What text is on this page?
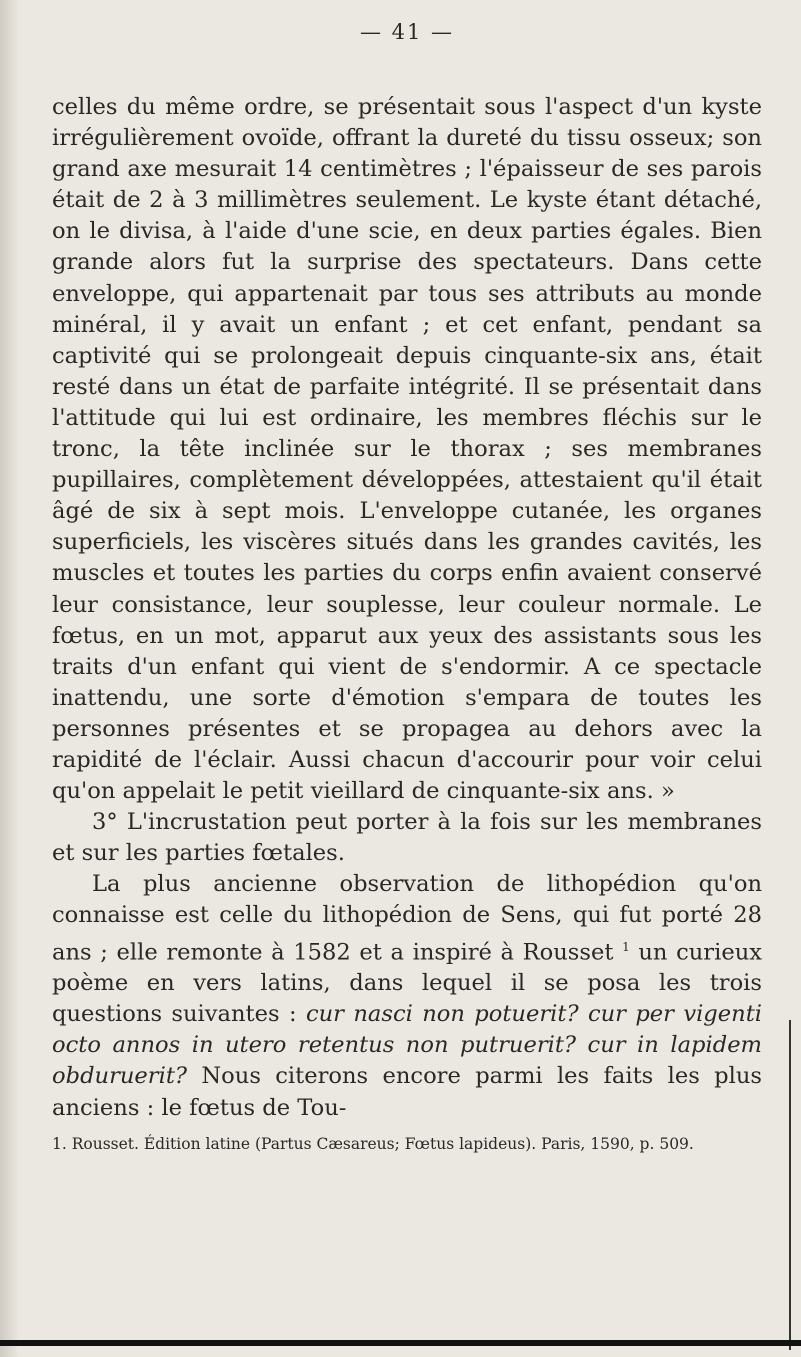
— 41 —

celles du même ordre, se présentait sous l'aspect d'un kyste irrégulièrement ovoïde, offrant la dureté du tissu osseux; son grand axe mesurait 14 centimètres ; l'épaisseur de ses parois était de 2 à 3 millimètres seulement. Le kyste étant détaché, on le divisa, à l'aide d'une scie, en deux parties égales. Bien grande alors fut la surprise des spectateurs. Dans cette enveloppe, qui appartenait par tous ses attributs au monde minéral, il y avait un enfant ; et cet enfant, pendant sa captivité qui se prolongeait depuis cinquante-six ans, était resté dans un état de parfaite intégrité. Il se présentait dans l'attitude qui lui est ordinaire, les membres fléchis sur le tronc, la tête inclinée sur le thorax ; ses membranes pupillaires, complètement développées, attestaient qu'il était âgé de six à sept mois. L'enveloppe cutanée, les organes superficiels, les viscères situés dans les grandes cavités, les muscles et toutes les parties du corps enfin avaient conservé leur consistance, leur souplesse, leur couleur normale. Le fœtus, en un mot, apparut aux yeux des assistants sous les traits d'un enfant qui vient de s'endormir. A ce spectacle inattendu, une sorte d'émotion s'empara de toutes les personnes présentes et se propagea au dehors avec la rapidité de l'éclair. Aussi chacun d'accourir pour voir celui qu'on appelait le petit vieillard de cinquante-six ans. »

3° L'incrustation peut porter à la fois sur les membranes et sur les parties fœtales.

La plus ancienne observation de lithopédion qu'on connaisse est celle du lithopédion de Sens, qui fut porté 28 ans ; elle remonte à 1582 et a inspiré à Rousset $^1$ un curieux poème en vers latins, dans lequel il se posa les trois questions suivantes : cur nasci non potuerit? cur per vigenti octo annos in utero retentus non putruerit? cur in lapidem obduruerit? Nous citerons encore parmi les faits les plus anciens : le fœtus de Tou-

1. Rousset. Édition latine (Partus Cæsareus; Fœtus lapideus). Paris, 1590, p. 509.
